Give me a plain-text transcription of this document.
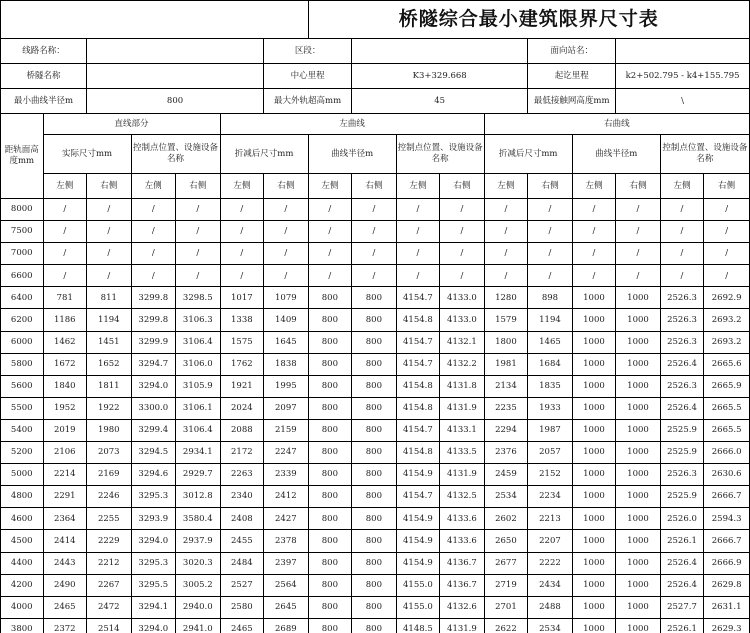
							桥隧综合最小建筑限界尺寸表									
线路名称：						区段：						面向站名：				
桥隧名称						中心里程		K3+329.668				起讫里程		k2+502.795 - k4+155.795		
最小曲线半径m		800				最大外轨超高mm		45				最低接触网高度mm		\		
距轨面高度mm	直线部分				左曲线						右曲线					
	实际尺寸mm		控制点位置、设施设备名称		折减后尺寸mm		曲线半径m		控制点位置、设施设备名称		折减后尺寸mm		曲线半径m		控制点位置、设施设备名称	
	左侧	右侧	左侧	右侧	左侧	右侧	左侧	右侧	左侧	右侧	左侧	右侧	左侧	右侧	左侧	右侧
8000	/	/	/	/	/	/	/	/	/	/	/	/	/	/	/	/
7500	/	/	/	/	/	/	/	/	/	/	/	/	/	/	/	/
7000	/	/	/	/	/	/	/	/	/	/	/	/	/	/	/	/
6600	/	/	/	/	/	/	/	/	/	/	/	/	/	/	/	/
6400	781	811	3299.8	3298.5	1017	1079	800	800	4154.7	4133.0	1280	898	1000	1000	2526.3	2692.9
6200	1186	1194	3299.8	3106.3	1338	1409	800	800	4154.8	4133.0	1579	1194	1000	1000	2526.3	2693.2
6000	1462	1451	3299.9	3106.4	1575	1645	800	800	4154.7	4132.1	1800	1465	1000	1000	2526.3	2693.2
5800	1672	1652	3294.7	3106.0	1762	1838	800	800	4154.7	4132.2	1981	1684	1000	1000	2526.4	2665.6
5600	1840	1811	3294.0	3105.9	1921	1995	800	800	4154.8	4131.8	2134	1835	1000	1000	2526.3	2665.9
5500	1952	1922	3300.0	3106.1	2024	2097	800	800	4154.8	4131.9	2235	1933	1000	1000	2526.4	2665.5
5400	2019	1980	3299.4	3106.4	2088	2159	800	800	4154.7	4133.1	2294	1987	1000	1000	2525.9	2665.5
5200	2106	2073	3294.5	2934.1	2172	2247	800	800	4154.8	4133.5	2376	2057	1000	1000	2525.9	2666.0
5000	2214	2169	3294.6	2929.7	2263	2339	800	800	4154.9	4131.9	2459	2152	1000	1000	2526.3	2630.6
4800	2291	2246	3295.3	3012.8	2340	2412	800	800	4154.7	4132.5	2534	2234	1000	1000	2525.9	2666.7
4600	2364	2255	3293.9	3580.4	2408	2427	800	800	4154.9	4133.6	2602	2213	1000	1000	2526.0	2594.3
4500	2414	2229	3294.0	2937.9	2455	2378	800	800	4154.9	4133.6	2650	2207	1000	1000	2526.1	2666.7
4400	2443	2212	3295.3	3020.3	2484	2397	800	800	4154.9	4136.7	2677	2222	1000	1000	2526.4	2666.9
4200	2490	2267	3295.5	3005.2	2527	2564	800	800	4155.0	4136.7	2719	2434	1000	1000	2526.4	2629.8
4000	2465	2472	3294.1	2940.0	2580	2645	800	800	4155.0	4132.6	2701	2488	1000	1000	2527.7	2631.1
3800	2372	2514	3294.0	2941.0	2465	2689	800	800	4148.5	4131.9	2622	2534	1000	1000	2526.1	2629.3
